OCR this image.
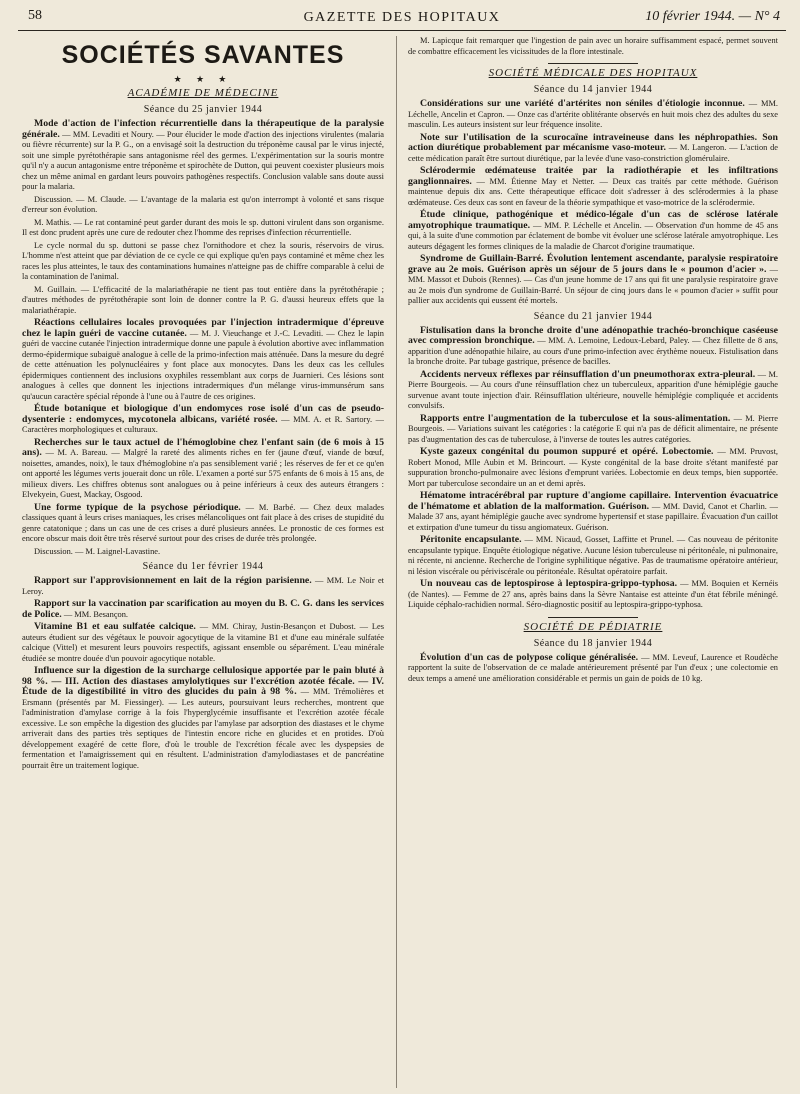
58	GAZETTE DES HOPITAUX	10 février 1944. — N° 4
SOCIÉTÉS SAVANTES
★ ★ ★
ACADÉMIE DE MÉDECINE
Séance du 25 janvier 1944

Mode d'action de l'infection récurrentielle dans la thérapeutique de la paralysie générale. — MM. Levaditi et Noury. — Pour élucider le mode d'action des injections virulentes (malaria ou fièvre récurrente) sur la P. G., on a envisagé soit la destruction du tréponème causal par le virus injecté, soit une simple pyrétothérapie sans antagonisme réel des germes. L'expérimentation sur la souris montre qu'il n'y a aucun antagonisme entre tréponème et spirochète de Dutton, qui peuvent coexister plusieurs mois chez un même animal en gardant leurs pouvoirs pathogènes respectifs. Conclusion valable sans doute aussi pour la malaria.

Discussion. — M. Claude. — L'avantage de la malaria est qu'on interrompt à volonté et sans risque d'erreur son évolution.

M. Mathis. — Le rat contaminé peut garder durant des mois le sp. duttoni virulent dans son organisme. Il est donc prudent après une cure de redouter chez l'homme des reprises d'infection récurrentielle.

Le cycle normal du sp. duttoni se passe chez l'ornithodore et chez la souris, réservoirs de virus. L'homme n'est atteint que par déviation de ce cycle ce qui explique qu'en pays contaminé et même chez les races les plus atteintes, le taux des contaminations humaines n'atteigne pas de chiffre comparable à celui de la contamination de l'animal.

M. Guillain. — L'efficacité de la malariathérapie ne tient pas tout entière dans la pyrétothérapie ; d'autres méthodes de pyrétothérapie sont loin de donner contre la P. G. d'aussi heureux effets que la malariathérapie.

Réactions cellulaires locales provoquées par l'injection intradermique d'épreuve chez le lapin guéri de vaccine cutanée. — M. J. Vieuchange et J.-C. Levaditi. — Chez le lapin guéri de vaccine cutanée l'injection intradermique donne une papule à évolution abortive avec inflammation dermo-épidermique subaiguë analogue à celle de la primo-infection mais atténuée. Dans la mesure du degré de cette atténuation les polynucléaires y font place aux monocytes. Dans les deux cas les cellules épidermiques contiennent des inclusions oxyphiles ressemblant aux corps de Juarnieri. Ces lésions sont analogues à celles que donnent les injections intradermiques d'un mélange virus-immunsérum sans qu'aucun caractère spécial réponde à l'une ou à l'autre de ces origines.

Étude botanique et biologique d'un endomyces rose isolé d'un cas de pseudo-dysenterie : endomyces, mycotonela albicans, variété rosée. — MM. A. et R. Sartory. — Caractères morphologiques et culturaux.

Recherches sur le taux actuel de l'hémoglobine chez l'enfant sain (de 6 mois à 15 ans). — M. A. Bareau. — Malgré la rareté des aliments riches en fer (jaune d'œuf, viande de bœuf, noisettes, amandes, noix), le taux d'hémoglobine n'a pas sensiblement varié ; les réserves de fer et ce qu'en ont apporté les légumes verts jouerait donc un rôle. L'examen a porté sur 575 enfants de 6 mois à 15 ans, de milieux divers. Les chiffres obtenus sont analogues ou à peine inférieurs à ceux des auteurs étrangers : Elvekyein, Guest, Mackay, Osgood.

Une forme typique de la psychose périodique. — M. Barbé. — Chez deux malades classiques quant à leurs crises maniaques, les crises mélancoliques ont fait place à des crises de stupidité du genre catatonique ; dans un cas une de ces crises a duré plusieurs années. Le pronostic de ces formes est encore obscur mais doit être très réservé surtout pour des crises de durée très prolongée.

Discussion. — M. Laignel-Lavastine.

Séance du 1er février 1944

Rapport sur l'approvisionnement en lait de la région parisienne. — MM. Le Noir et Leroy.

Rapport sur la vaccination par scarification au moyen du B. C. G. dans les services de Police. — MM. Besançon.

Vitamine B1 et eau sulfatée calcique. — MM. Chiray, Justin-Besançon et Dubost. — Les auteurs étudient sur des végétaux le pouvoir agocytique de la vitamine B1 et d'une eau minérale sulfatée calcique (Vittel) et mesurent leurs pouvoirs respectifs, agissant ensemble ou séparément. L'eau minérale étudiée se montre douée d'un pouvoir agocytique notable.

Influence sur la digestion de la surcharge cellulosique apportée par le pain bluté à 98 %. — III. Action des diastases amylolytiques sur l'excrétion azotée fécale. — IV. Étude de la digestibilité in vitro des glucides du pain à 98 %. — MM. Trémolières et Ersmann (présentés par M. Fiessinger). — Les auteurs, poursuivant leurs recherches, montrent que l'administration d'amylase corrige à la fois l'hyperglycémie insuffisante et l'excrétion azotée fécale excessive. Le son empêche la digestion des glucides par l'amylase par adsorption des diastases et le chyme arriverait dans des parties très septiques de l'intestin encore riche en glucides et en protides. D'où développement exagéré de cette flore, d'où le trouble de l'excrétion fécale avec les dyspepsies de fermentation et l'amaigrissement qui en résultent. L'administration d'amylodiastases et de pancréatine pourrait être un traitement logique.

M. Lapicque fait remarquer que l'ingestion de pain avec un horaire suffisamment espacé, permet souvent de combattre efficacement les vicissitudes de la flore intestinale.

SOCIÉTÉ MÉDICALE DES HOPITAUX
Séance du 14 janvier 1944

Considérations sur une variété d'artérites non séniles d'étiologie inconnue. — MM. Léchelle, Ancelin et Capron. — Onze cas d'artérite oblitérante observés en huit mois chez des adultes du sexe masculin. Les auteurs insistent sur leur fréquence insolite.

Note sur l'utilisation de la scurocaïne intraveineuse dans les néphropathies. Son action diurétique probablement par mécanisme vaso-moteur. — M. Langeron. — L'action de cette médication paraît être surtout diurétique, par la levée d'une vaso-constriction glomérulaire.

Sclérodermie œdémateuse traitée par la radiothérapie et les infiltrations ganglionnaires. — MM. Étienne May et Netter. — Deux cas traités par cette méthode. Guérison maintenue depuis dix ans. Cette thérapeutique efficace doit s'adresser à des sclérodermies à la phase œdémateuse. Ces deux cas sont en faveur de la théorie sympathique et vaso-motrice de la sclérodermie.

Étude clinique, pathogénique et médico-légale d'un cas de sclérose latérale amyotrophique traumatique. — MM. P. Léchelle et Ancelin. — Observation d'un homme de 45 ans qui, à la suite d'une commotion par éclatement de bombe vit évoluer une sclérose latérale amyotrophique. Les auteurs dégagent les formes cliniques de la maladie de Charcot d'origine traumatique.

Syndrome de Guillain-Barré. Évolution lentement ascendante, paralysie respiratoire grave au 2e mois. Guérison après un séjour de 5 jours dans le « poumon d'acier ». — MM. Massot et Dubois (Rennes). — Cas d'un jeune homme de 17 ans qui fit une paralysie respiratoire grave au 2e mois d'un syndrome de Guillain-Barré. Un séjour de cinq jours dans le « poumon d'acier » suffit pour pallier aux accidents qui eussent été mortels.

Séance du 21 janvier 1944

Fistulisation dans la bronche droite d'une adénopathie trachéo-bronchique caséeuse avec compression bronchique. — MM. A. Lemoine, Ledoux-Lebard, Paley. — Chez fillette de 8 ans, apparition d'une adénopathie hilaire, au cours d'une primo-infection avec érythème noueux. Fistulisation dans la bronche droite. Par tubage gastrique, présence de bacilles.

Accidents nerveux réflexes par réinsufflation d'un pneumothorax extra-pleural. — M. Pierre Bourgeois. — Au cours d'une réinsufflation chez un tuberculeux, apparition d'une hémiplégie gauche survenue avant toute injection d'air. Réinsufflation ultérieure, nouvelle hémiplégie compliquée et accidents convulsifs.

Rapports entre l'augmentation de la tuberculose et la sous-alimentation. — M. Pierre Bourgeois. — Variations suivant les catégories : la catégorie E qui n'a pas de déficit alimentaire, ne présente pas d'augmentation des cas de tuberculose, à l'inverse de toutes les autres catégories.

Kyste gazeux congénital du poumon suppuré et opéré. Lobectomie. — MM. Pruvost, Robert Monod, Mlle Aubin et M. Brincourt. — Kyste congénital de la base droite s'étant manifesté par suppuration broncho-pulmonaire avec lésions d'emprunt variées. Lobectomie en deux temps, bien supportée. Mort par tuberculose secondaire un an et demi après.

Hématome intracérébral par rupture d'angiome capillaire. Intervention évacuatrice de l'hématome et ablation de la malformation. Guérison. — MM. David, Canot et Charlin. — Malade 37 ans, ayant hémiplégie gauche avec syndrome hypertensif et stase papillaire. Évacuation d'un caillot et extirpation d'une tumeur du tissu angiomateux. Guérison.

Péritonite encapsulante. — MM. Nicaud, Gosset, Laffitte et Prunel. — Cas nouveau de péritonite encapsulante typique. Enquête étiologique négative. Aucune lésion tuberculeuse ni péritonéale, ni pulmonaire, ni récente, ni ancienne. Recherche de l'origine syphilitique négative. Pas de traumatisme opératoire antérieur, ni lésion viscérale ou périviscérale ou péritonéale. Résultat opératoire parfait.

Un nouveau cas de leptospirose à leptospira-grippo-typhosa. — MM. Boquien et Kernéis (de Nantes). — Femme de 27 ans, après bains dans la Sèvre Nantaise est atteinte d'un état fébrile méningé. Liquide céphalo-rachidien normal. Séro-diagnostic positif au leptospira-grippo-typhosa.

SOCIÉTÉ DE PÉDIATRIE
Séance du 18 janvier 1944

Évolution d'un cas de polypose colique généralisée. — MM. Leveuf, Laurence et Roudèche rapportent la suite de l'observation de ce malade antérieurement présenté par l'un d'eux ; une colectomie en deux temps a amené une amélioration considérable et permis un gain de poids de 10 kg.
